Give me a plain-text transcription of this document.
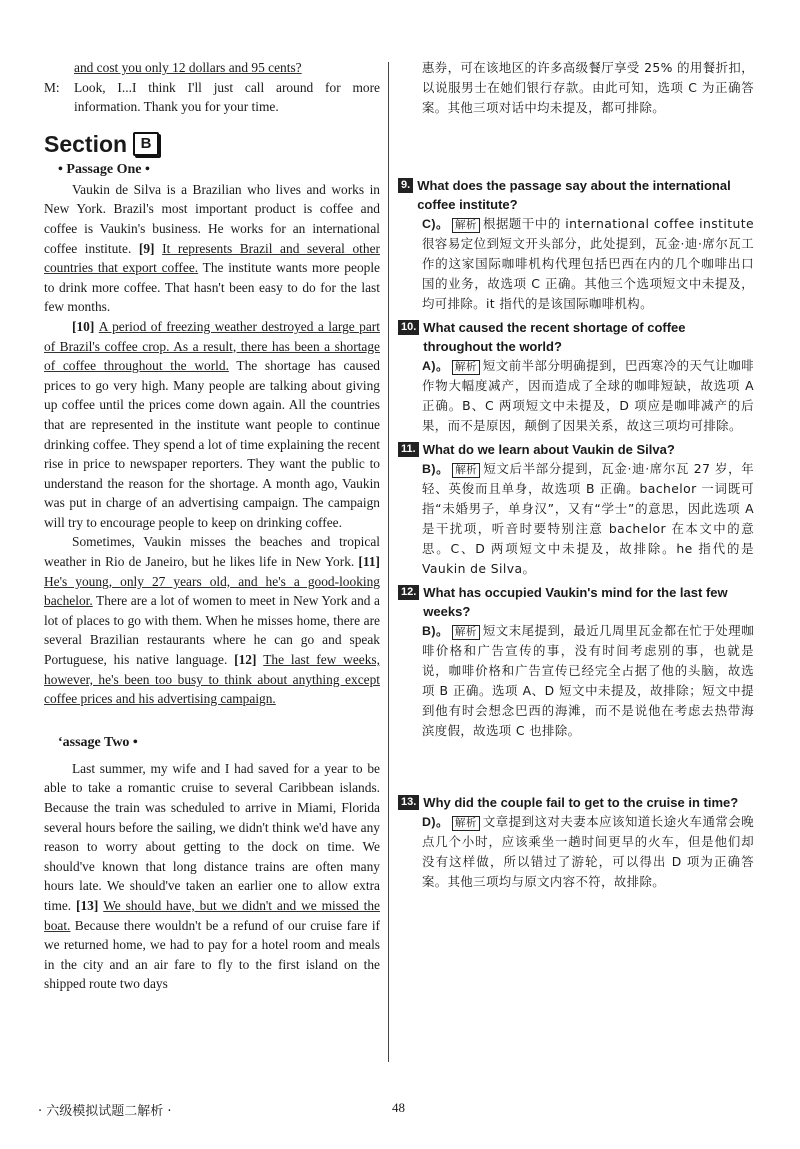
and cost you only 12 dollars and 95 cents?

M: Look, I...I think I'll just call around for more information. Thank you for your time.

Section B
• Passage One •

Vaukin de Silva is a Brazilian who lives and works in New York. Brazil's most important product is coffee and coffee is Vaukin's business. He works for an international coffee institute. [9] It represents Brazil and several other countries that export coffee. The institute wants more people to drink more coffee. That hasn't been easy to do for the last few months.

[10] A period of freezing weather destroyed a large part of Brazil's coffee crop. As a result, there has been a shortage of coffee throughout the world. The shortage has caused prices to go very high. Many people are talking about giving up coffee until the prices come down again. All the countries that are represented in the institute want people to continue drinking coffee. They spend a lot of time explaining the recent rise in price to newspaper reporters. They want the public to understand the reason for the shortage. A month ago, Vaukin was put in charge of an advertising campaign. The campaign will try to encourage people to keep on drinking coffee.

Sometimes, Vaukin misses the beaches and tropical weather in Rio de Janeiro, but he likes life in New York. [11] He's young, only 27 years old, and he's a good-looking bachelor. There are a lot of women to meet in New York and a lot of places to go with them. When he misses home, there are several Brazilian restaurants where he can go and speak Portuguese, his native language. [12] The last few weeks, however, he's been too busy to think about anything except coffee prices and his advertising campaign.

‘assage Two •

Last summer, my wife and I had saved for a year to be able to take a romantic cruise to several Caribbean islands. Because the train was scheduled to arrive in Miami, Florida several hours before the sailing, we didn't think we'd have any reason to worry about getting to the dock on time. We should've known that long distance trains are often many hours late. We should've taken an earlier one to allow extra time. [13] We should have, but we didn't and we missed the boat. Because there wouldn't be a refund of our cruise fare if we returned home, we had to pay for a hotel room and meals in the city and an air fare to fly to the first island on the shipped route two days

惠券，可在该地区的许多高级餐厅享受 25% 的用餐折扣，以说服男士在她们银行存款。由此可知，选项 C 为正确答案。其他三项对话中均未提及，都可排除。

9. What does the passage say about the international coffee institute?
C)。 解析 根据题干中的 international coffee institute 很容易定位到短文开头部分，此处提到，瓦金·迪·席尔瓦工作的这家国际咖啡机构代理包括巴西在内的几个咖啡出口国的业务，故选项 C 正确。其他三个选项短文中未提及，均可排除。it 指代的是该国际咖啡机构。
10. What caused the recent shortage of coffee throughout the world?
A)。 解析 短文前半部分明确提到，巴西寒冷的天气让咖啡作物大幅度减产，因而造成了全球的咖啡短缺，故选项 A 正确。B、C 两项短文中未提及，D 项应是咖啡减产的后果，而不是原因，颠倒了因果关系，故这三项均可排除。
11. What do we learn about Vaukin de Silva?
B)。 解析 短文后半部分提到，瓦金·迪·席尔瓦 27 岁，年轻、英俊而且单身，故选项 B 正确。bachelor 一词既可指“未婚男子，单身汉”，又有“学士”的意思，因此选项 A 是干扰项，听音时要特别注意 bachelor 在本文中的意思。C、D 两项短文中未提及，故排除。he 指代的是 Vaukin de Silva。
12. What has occupied Vaukin's mind for the last few weeks?
B)。 解析 短文末尾提到，最近几周里瓦金都在忙于处理咖啡价格和广告宣传的事，没有时间考虑别的事，也就是说，咖啡价格和广告宣传已经完全占据了他的头脑，故选项 B 正确。选项 A、D 短文中未提及，故排除；短文中提到他有时会想念巴西的海滩，而不是说他在考虑去热带海滨度假，故选项 C 也排除。
13. Why did the couple fail to get to the cruise in time?
D)。 解析 文章提到这对夫妻本应该知道长途火车通常会晚点几个小时，应该乘坐一趟时间更早的火车，但是他们却没有这样做，所以错过了游轮，可以得出 D 项为正确答案。其他三项均与原文内容不符，故排除。
· 六级模拟试题二解析 ·	48
